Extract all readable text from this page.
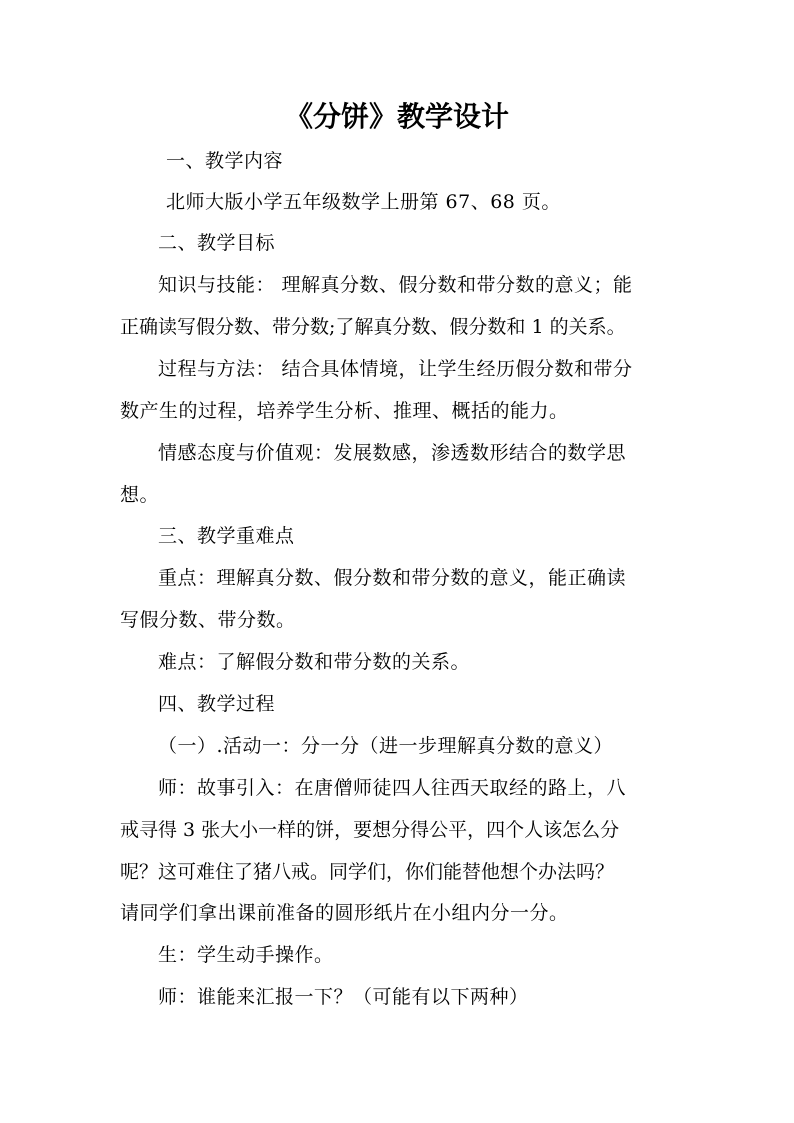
《分饼》教学设计
一、教学内容
北师大版小学五年级数学上册第 67、68 页。
二、教学目标
知识与技能： 理解真分数、假分数和带分数的意义；能
正确读写假分数、带分数;了解真分数、假分数和 1 的关系。
过程与方法： 结合具体情境，让学生经历假分数和带分
数产生的过程，培养学生分析、推理、概括的能力。
情感态度与价值观：发展数感，渗透数形结合的数学思
想。
三、教学重难点
重点：理解真分数、假分数和带分数的意义，能正确读
写假分数、带分数。
难点：了解假分数和带分数的关系。
四、教学过程
（一）.活动一：分一分（进一步理解真分数的意义）
师：故事引入：在唐僧师徒四人往西天取经的路上，八
戒寻得 3 张大小一样的饼，要想分得公平，四个人该怎么分
呢？这可难住了猪八戒。同学们，你们能替他想个办法吗？
请同学们拿出课前准备的圆形纸片在小组内分一分。
生：学生动手操作。
师：谁能来汇报一下？（可能有以下两种）
